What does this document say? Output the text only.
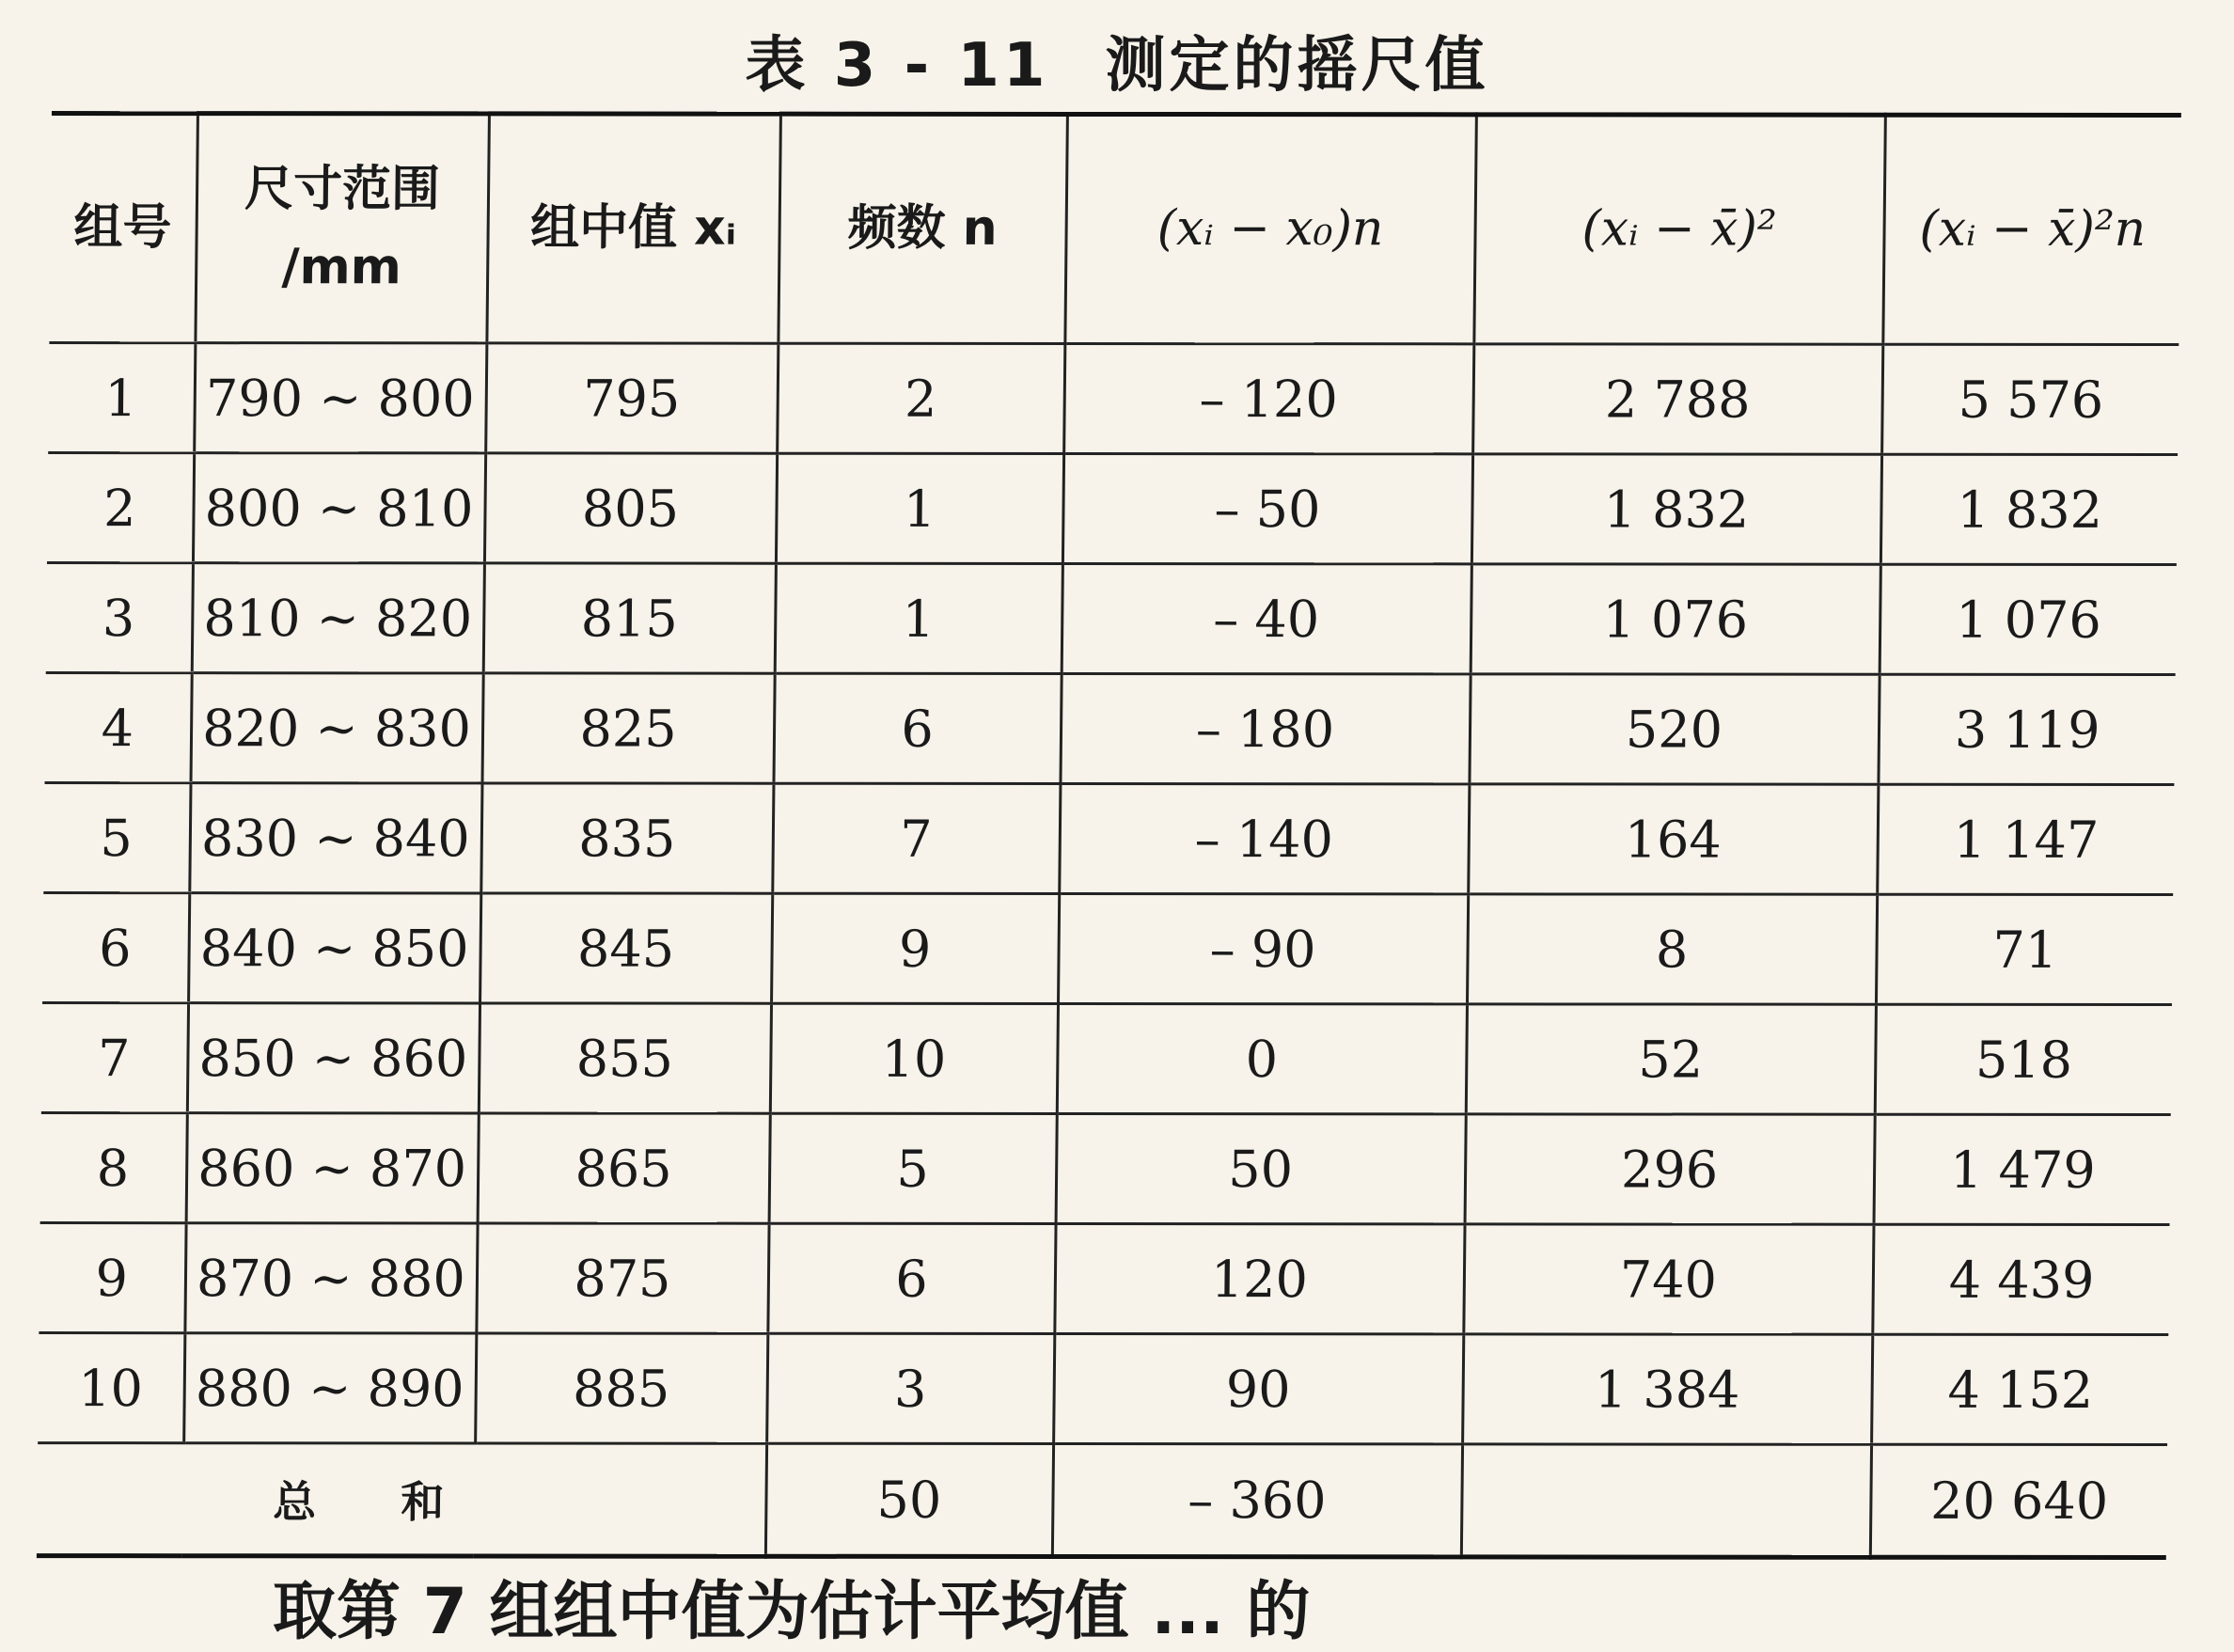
表 3 - 11 测定的摇尺值
组号	尺寸范围 /mm	组中值 xᵢ	频数 n	(xᵢ − x₀)n	(xᵢ − x̄)²	(xᵢ − x̄)²n
1	790 ~ 800	795	2	– 120	2 788	5 576
2	800 ~ 810	805	1	– 50	1 832	1 832
3	810 ~ 820	815	1	– 40	1 076	1 076
4	820 ~ 830	825	6	– 180	520	3 119
5	830 ~ 840	835	7	– 140	164	1 147
6	840 ~ 850	845	9	– 90	8	71
7	850 ~ 860	855	10	0	52	518
8	860 ~ 870	865	5	50	296	1 479
9	870 ~ 880	875	6	120	740	4 439
10	880 ~ 890	885	3	90	1 384	4 152
总和			50	– 360		20 640
取第 7 组组中值为估计平均值 ... 的
